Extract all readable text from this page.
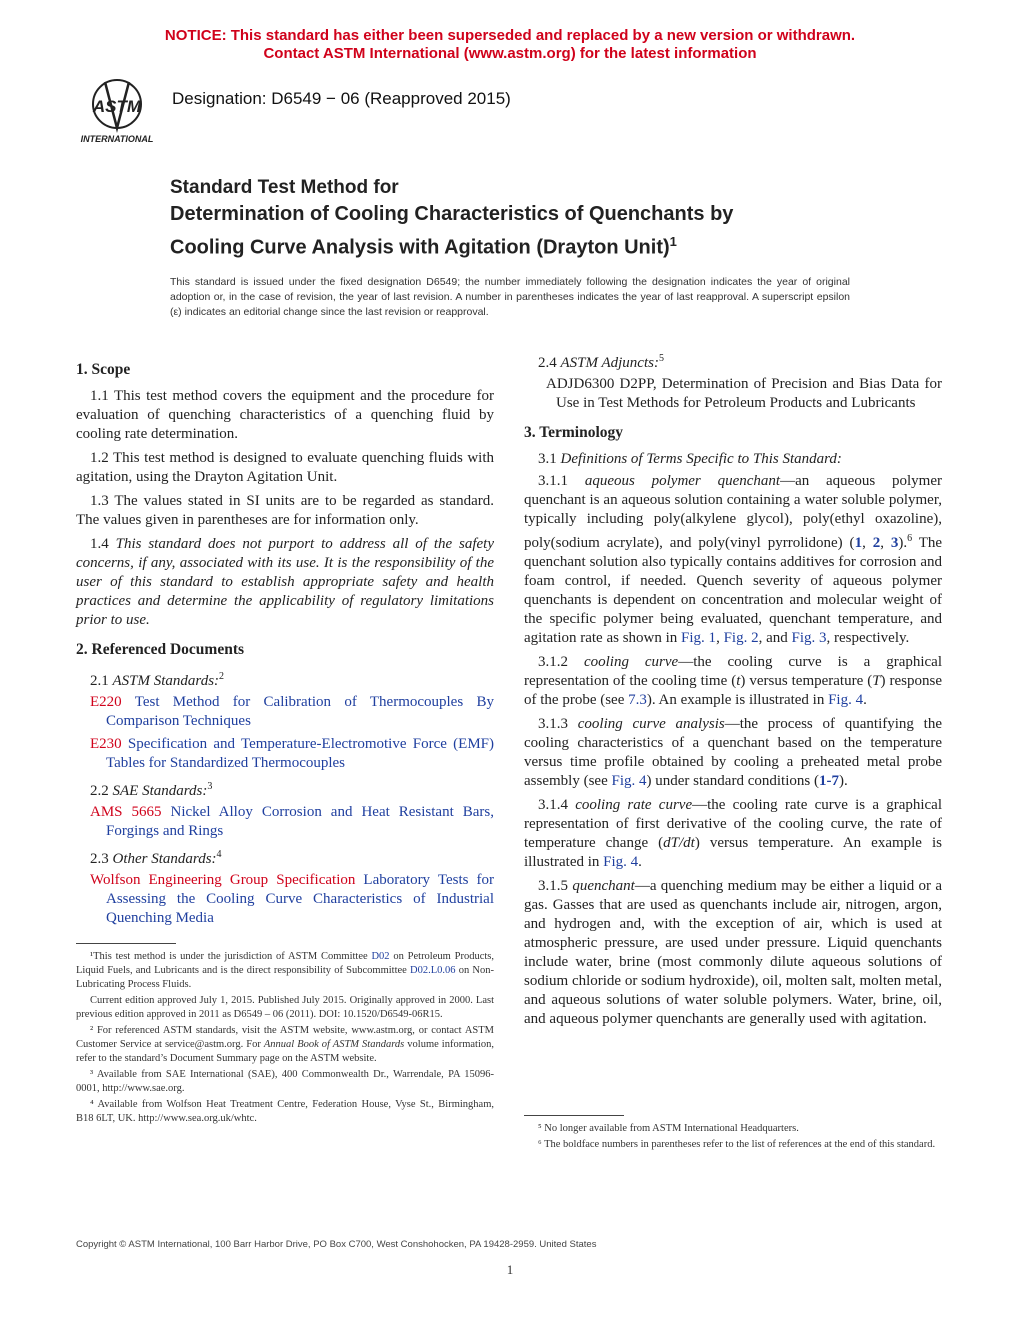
NOTICE: This standard has either been superseded and replaced by a new version or withdrawn.
Contact ASTM International (www.astm.org) for the latest information
ASTM
INTERNATIONAL
Designation: D6549 − 06 (Reapproved 2015)
Standard Test Method for
Determination of Cooling Characteristics of Quenchants by
Cooling Curve Analysis with Agitation (Drayton Unit)$^1$
This standard is issued under the fixed designation D6549; the number immediately following the designation indicates the year of original adoption or, in the case of revision, the year of last revision. A number in parentheses indicates the year of last reapproval. A superscript epsilon (ε) indicates an editorial change since the last revision or reapproval.
1. Scope

1.1 This test method covers the equipment and the procedure for evaluation of quenching characteristics of a quenching fluid by cooling rate determination.

1.2 This test method is designed to evaluate quenching fluids with agitation, using the Drayton Agitation Unit.

1.3 The values stated in SI units are to be regarded as standard. The values given in parentheses are for information only.

1.4 This standard does not purport to address all of the safety concerns, if any, associated with its use. It is the responsibility of the user of this standard to establish appropriate safety and health practices and determine the applicability of regulatory limitations prior to use.

2. Referenced Documents
2.1 ASTM Standards:$^2$
E220 Test Method for Calibration of Thermocouples By Comparison Techniques
E230 Specification and Temperature-Electromotive Force (EMF) Tables for Standardized Thermocouples
2.2 SAE Standards:$^3$
AMS 5665 Nickel Alloy Corrosion and Heat Resistant Bars, Forgings and Rings
2.3 Other Standards:$^4$
Wolfson Engineering Group Specification Laboratory Tests for Assessing the Cooling Curve Characteristics of Industrial Quenching Media
2.4 ASTM Adjuncts:$^5$
ADJD6300 D2PP, Determination of Precision and Bias Data for Use in Test Methods for Petroleum Products and Lubricants
3. Terminology
3.1 Definitions of Terms Specific to This Standard:

3.1.1 aqueous polymer quenchant—an aqueous polymer quenchant is an aqueous solution containing a water soluble polymer, typically including poly(alkylene glycol), poly(ethyl oxazoline), poly(sodium acrylate), and poly(vinyl pyrrolidone) (1, 2, 3).$^6$ The quenchant solution also typically contains additives for corrosion and foam control, if needed. Quench severity of aqueous polymer quenchants is dependent on concentration and molecular weight of the specific polymer being evaluated, quenchant temperature, and agitation rate as shown in Fig. 1, Fig. 2, and Fig. 3, respectively.

3.1.2 cooling curve—the cooling curve is a graphical representation of the cooling time (t) versus temperature (T) response of the probe (see 7.3). An example is illustrated in Fig. 4.

3.1.3 cooling curve analysis—the process of quantifying the cooling characteristics of a quenchant based on the temperature versus time profile obtained by cooling a preheated metal probe assembly (see Fig. 4) under standard conditions (1-7).

3.1.4 cooling rate curve—the cooling rate curve is a graphical representation of first derivative of the cooling curve, the rate of temperature change (dT/dt) versus temperature. An example is illustrated in Fig. 4.

3.1.5 quenchant—a quenching medium may be either a liquid or a gas. Gasses that are used as quenchants include air, nitrogen, argon, and hydrogen and, with the exception of air, which is used at atmospheric pressure, are used under pressure. Liquid quenchants include water, brine (most commonly dilute aqueous solutions of sodium chloride or sodium hydroxide), oil, molten salt, molten metal, and aqueous solutions of water soluble polymers. Water, brine, oil, and aqueous polymer quenchants are generally used with agitation.

¹This test method is under the jurisdiction of ASTM Committee D02 on Petroleum Products, Liquid Fuels, and Lubricants and is the direct responsibility of Subcommittee D02.L0.06 on Non-Lubricating Process Fluids.

Current edition approved July 1, 2015. Published July 2015. Originally approved in 2000. Last previous edition approved in 2011 as D6549 – 06 (2011). DOI: 10.1520/D6549-06R15.

² For referenced ASTM standards, visit the ASTM website, www.astm.org, or contact ASTM Customer Service at service@astm.org. For Annual Book of ASTM Standards volume information, refer to the standard’s Document Summary page on the ASTM website.

³ Available from SAE International (SAE), 400 Commonwealth Dr., Warrendale, PA 15096-0001, http://www.sae.org.

⁴ Available from Wolfson Heat Treatment Centre, Federation House, Vyse St., Birmingham, B18 6LT, UK. http://www.sea.org.uk/whtc.

⁵ No longer available from ASTM International Headquarters.

⁶ The boldface numbers in parentheses refer to the list of references at the end of this standard.

Copyright © ASTM International, 100 Barr Harbor Drive, PO Box C700, West Conshohocken, PA 19428-2959. United States
1
